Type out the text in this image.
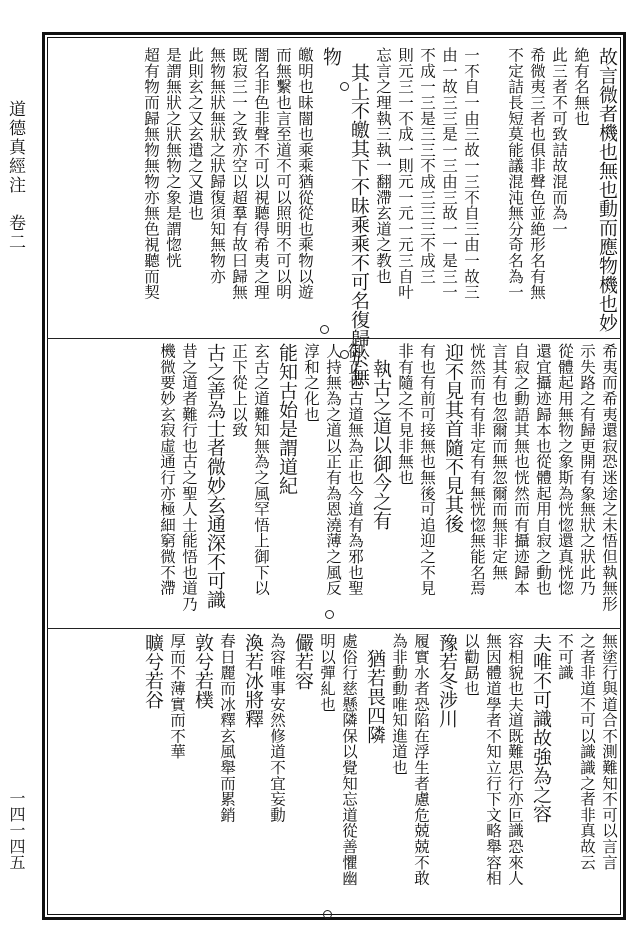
道德真經注　卷二
一四一四五
故言微者機也無也動而應物機也妙
絶有名無也
此三者不可致詰故混而為一
希微夷三者也俱非聲色並絶形名有無
不定詰長短莫能議混沌無分奇名為一
一不自一由三故一三不自三由一故三
由一故三三是一三由三故一一是三一
不成一三是三三不成三三三不成三
則元三一不成一則元一元一元三自叶
忘言之理執三執一翻滯玄道之教也
其上不皦其下不昧乘乘不可名復歸於無
物
皦明也昧闇也乘乘猶從從也乘物以遊
而無繫也言至道不可以照明不可以明
闇名非色非聲不可以視聽得希夷之理
既寂三一之致亦空以超羣有故曰歸無
無物無狀無狀之狀歸復須知無物亦
此則玄之又玄遣之又遣也
是謂無狀之狀無物之象是謂惚恍
超有物而歸無物無物亦無色視聽而契
希夷而希夷還寂恐迷途之未悟但執無形
示失路之有歸更開有象無狀之狀此乃
從體起用無物之象斯為恍惚還真恍惚
還宜攝迹歸本也從體起用自寂之動也
自寂之動語其無也恍然而有攝迹歸本
言其有也忽爾而無忽爾而無非定無
恍然而有有非定有有無恍惚無能名焉
迎不見其首隨不見其後
有也有前可接無也無後可追迎之不見
非有隨之不見非無也
執古之道以御今之有
御正也古道無為正也今道有為邪也聖
人持無為之道以正有為恩澆薄之風反
淳和之化也
能知古始是謂道紀
玄古之道難知無為之風罕悟上御下以
正下從上以致
古之善為士者微妙玄通深不可識
昔之道者難行也古之聖人士能悟也道乃
機微要妙玄寂虛通行亦極細窮微不滯
無塗行與道合不測難知不可以言言
之者非道不可以識識之者非真故云
不可識
夫唯不可識故強為之容
容相貌也夫道既難思行亦叵識恐來人
無因體道學者不知立行下文略舉容相
以勸勗也
豫若冬涉川
履實水者恐陷在浮生者慮危兢兢不敢
為非動動唯知進道也
猶若畏四隣
處俗行慈懸隣保以覺知忘道從善懼幽
明以彈糺也
儼若容
為容唯事安然修道不宜妄動
渙若冰將釋
春日麗而冰釋玄風舉而累銷
敦兮若樸
厚而不薄實而不華
曠兮若谷
